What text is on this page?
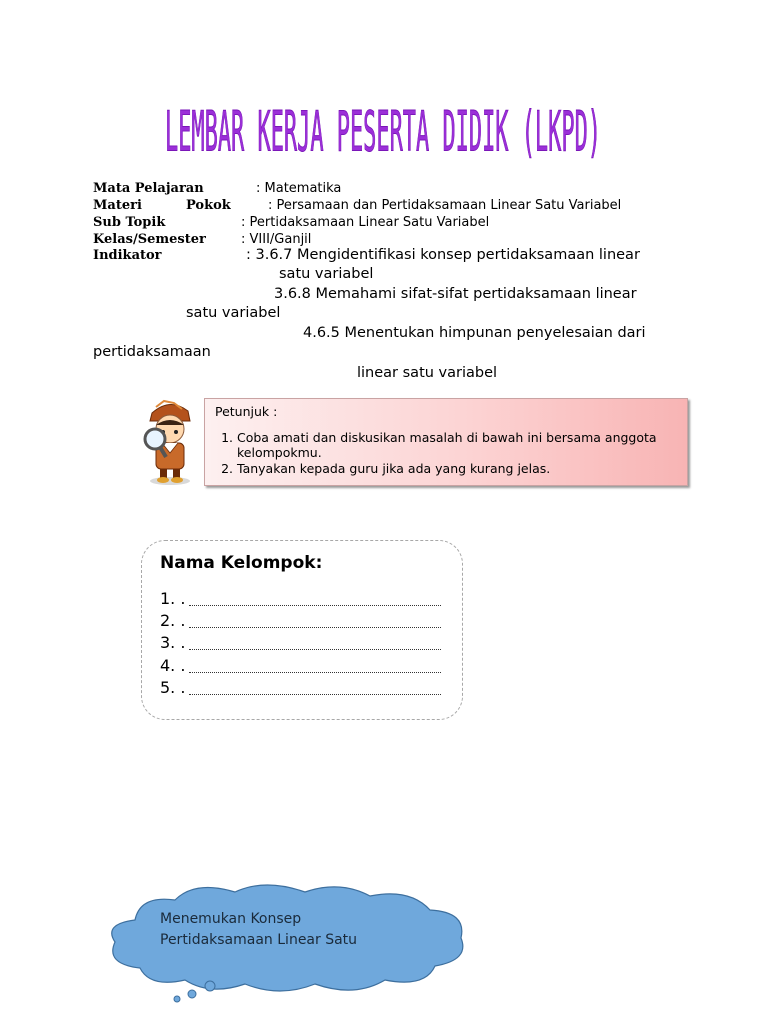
LEMBAR KERJA PESERTA DIDIK (LKPD)
Mata Pelajaran	: Matematika
Materi	Pokok	: Persamaan dan Pertidaksamaan Linear Satu Variabel
Sub Topik	: Pertidaksamaan Linear Satu Variabel
Kelas/Semester	: VIII/Ganjil
Indikator	: 3.6.7 Mengidentifikasi konsep pertidaksamaan linear
satu variabel
3.6.8 Memahami sifat-sifat pertidaksamaan linear
satu variabel
4.6.5 Menentukan himpunan penyelesaian dari
pertidaksamaan
linear satu variabel
Petunjuk :
1. Coba amati dan diskusikan masalah di bawah ini bersama anggota kelompokmu.
2. Tanyakan kepada guru jika ada yang kurang jelas.
Nama Kelompok:
1. .
2. .
3. .
4. .
5. .
Menemukan Konsep
Pertidaksamaan Linear Satu
